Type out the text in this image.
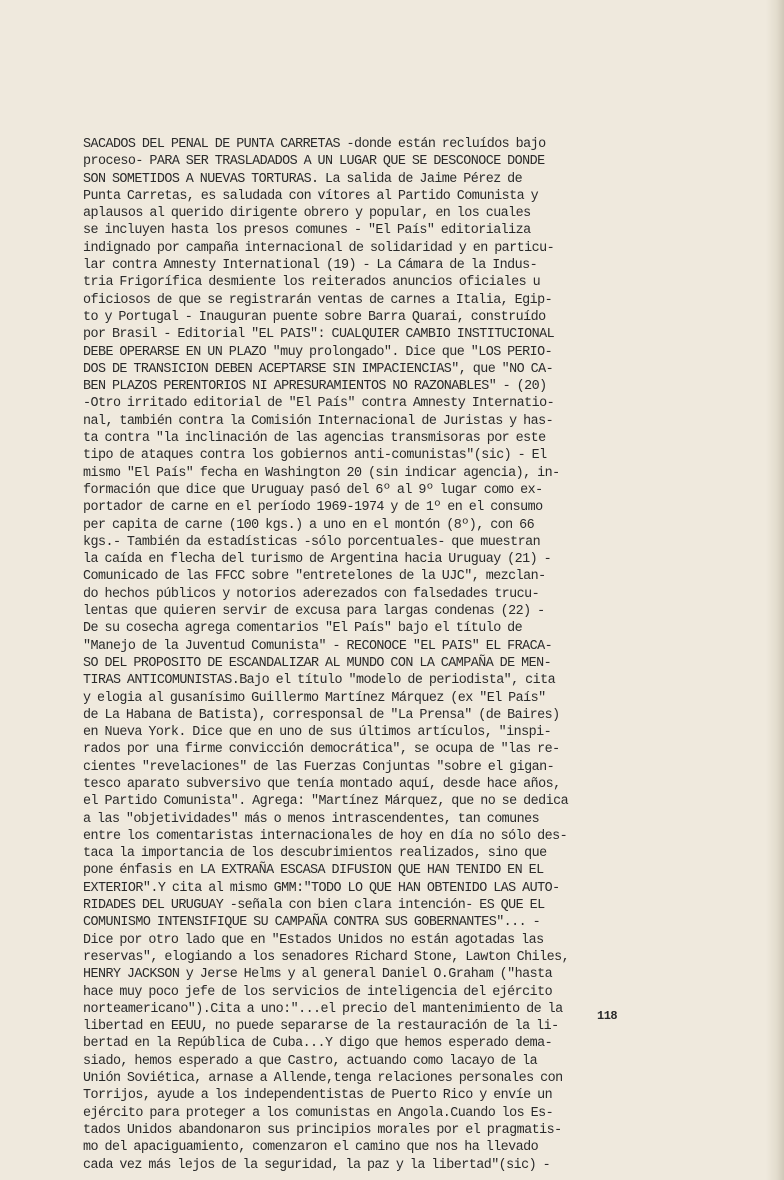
SACADOS DEL PENAL DE PUNTA CARRETAS -donde están recluídos bajo
proceso- PARA SER TRASLADADOS A UN LUGAR QUE SE DESCONOCE DONDE
SON SOMETIDOS A NUEVAS TORTURAS. La salida de Jaime Pérez de
Punta Carretas, es saludada con vítores al Partido Comunista y
aplausos al querido dirigente obrero y popular, en los cuales
se incluyen hasta los presos comunes - "El País" editorializa
indignado por campaña internacional de solidaridad y en particu-
lar contra Amnesty International (19) - La Cámara de la Indus-
tria Frigorífica desmiente los reiterados anuncios oficiales u
oficiosos de que se registrarán ventas de carnes a Italia, Egip-
to y Portugal - Inauguran puente sobre Barra Quarai, construído
por Brasil - Editorial "EL PAIS": CUALQUIER CAMBIO INSTITUCIONAL
DEBE OPERARSE EN UN PLAZO "muy prolongado". Dice que "LOS PERIO-
DOS DE TRANSICION DEBEN ACEPTARSE SIN IMPACIENCIAS", que "NO CA-
BEN PLAZOS PERENTORIOS NI APRESURAMIENTOS NO RAZONABLES" - (20)
-Otro irritado editorial de "El País" contra Amnesty Internatio-
nal, también contra la Comisión Internacional de Juristas y has-
ta contra "la inclinación de las agencias transmisoras por este
tipo de ataques contra los gobiernos anti-comunistas"(sic) - El
mismo "El País" fecha en Washington 20 (sin indicar agencia), in-
formación que dice que Uruguay pasó del 6º al 9º lugar como ex-
portador de carne en el período 1969-1974 y de 1º en el consumo
per capita de carne (100 kgs.) a uno en el montón (8º), con 66
kgs.- También da estadísticas -sólo porcentuales- que muestran
la caída en flecha del turismo de Argentina hacia Uruguay (21) -
Comunicado de las FFCC sobre "entretelones de la UJC", mezclan-
do hechos públicos y notorios aderezados con falsedades trucu-
lentas que quieren servir de excusa para largas condenas (22) -
De su cosecha agrega comentarios "El País" bajo el título de
"Manejo de la Juventud Comunista" - RECONOCE "EL PAIS" EL FRACA-
SO DEL PROPOSITO DE ESCANDALIZAR AL MUNDO CON LA CAMPAÑA DE MEN-
TIRAS ANTICOMUNISTAS.Bajo el título "modelo de periodista", cita
y elogia al gusanísimo Guillermo Martínez Márquez (ex "El País"
de La Habana de Batista), corresponsal de "La Prensa" (de Baires)
en Nueva York. Dice que en uno de sus últimos artículos, "inspi-
rados por una firme convicción democrática", se ocupa de "las re-
cientes "revelaciones" de las Fuerzas Conjuntas "sobre el gigan-
tesco aparato subversivo que tenía montado aquí, desde hace años,
el Partido Comunista". Agrega: "Martínez Márquez, que no se dedica
a las "objetividades" más o menos intrascendentes, tan comunes
entre los comentaristas internacionales de hoy en día no sólo des-
taca la importancia de los descubrimientos realizados, sino que
pone énfasis en LA EXTRAÑA ESCASA DIFUSION QUE HAN TENIDO EN EL
EXTERIOR".Y cita al mismo GMM:"TODO LO QUE HAN OBTENIDO LAS AUTO-
RIDADES DEL URUGUAY -señala con bien clara intención- ES QUE EL
COMUNISMO INTENSIFIQUE SU CAMPAÑA CONTRA SUS GOBERNANTES"... -
Dice por otro lado que en "Estados Unidos no están agotadas las
reservas", elogiando a los senadores Richard Stone, Lawton Chiles,
HENRY JACKSON y Jerse Helms y al general Daniel O.Graham ("hasta
hace muy poco jefe de los servicios de inteligencia del ejército
norteamericano").Cita a uno:"...el precio del mantenimiento de la
libertad en EEUU, no puede separarse de la restauración de la li-
bertad en la República de Cuba...Y digo que hemos esperado dema-
siado, hemos esperado a que Castro, actuando como lacayo de la
Unión Soviética, arnase a Allende,tenga relaciones personales con
Torrijos, ayude a los independentistas de Puerto Rico y envíe un
ejército para proteger a los comunistas en Angola.Cuando los Es-
tados Unidos abandonaron sus principios morales por el pragmatis-
mo del apaciguamiento, comenzaron el camino que nos ha llevado
cada vez más lejos de la seguridad, la paz y la libertad"(sic) -
118
